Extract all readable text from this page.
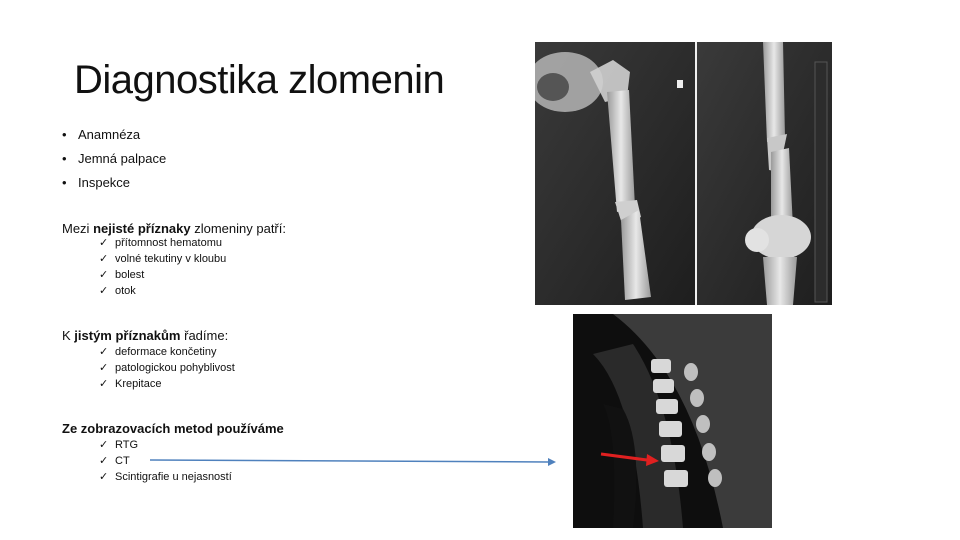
Diagnostika zlomenin
• Anamnéza
• Jemná palpace
• Inspekce
Mezi nejisté příznaky zlomeniny patří:
✓ přítomnost hematomu
✓ volné tekutiny v kloubu
✓ bolest
✓ otok
K jistým příznakům řadíme:
✓ deformace končetiny
✓ patologickou pohyblivost
✓ Krepitace
Ze zobrazovacích metod používáme
✓ RTG
✓ CT
✓ Scintigrafie u nejasností
